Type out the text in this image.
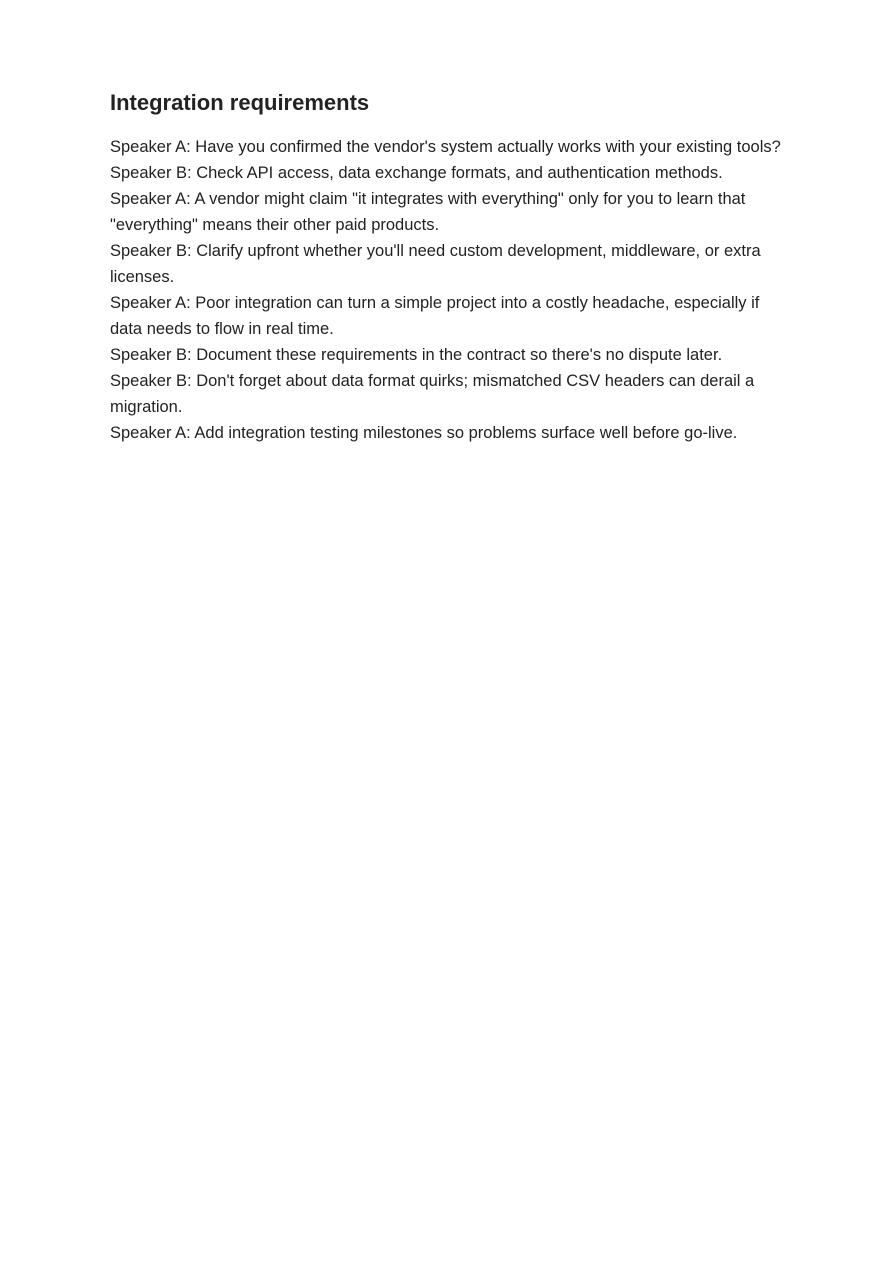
Integration requirements

Speaker A: Have you confirmed the vendor's system actually works with your existing tools?

Speaker B: Check API access, data exchange formats, and authentication methods.

Speaker A: A vendor might claim "it integrates with everything" only for you to learn that "everything" means their other paid products.

Speaker B: Clarify upfront whether you'll need custom development, middleware, or extra licenses.

Speaker A: Poor integration can turn a simple project into a costly headache, especially if data needs to flow in real time.

Speaker B: Document these requirements in the contract so there's no dispute later.

Speaker B: Don't forget about data format quirks; mismatched CSV headers can derail a migration.

Speaker A: Add integration testing milestones so problems surface well before go-live.
